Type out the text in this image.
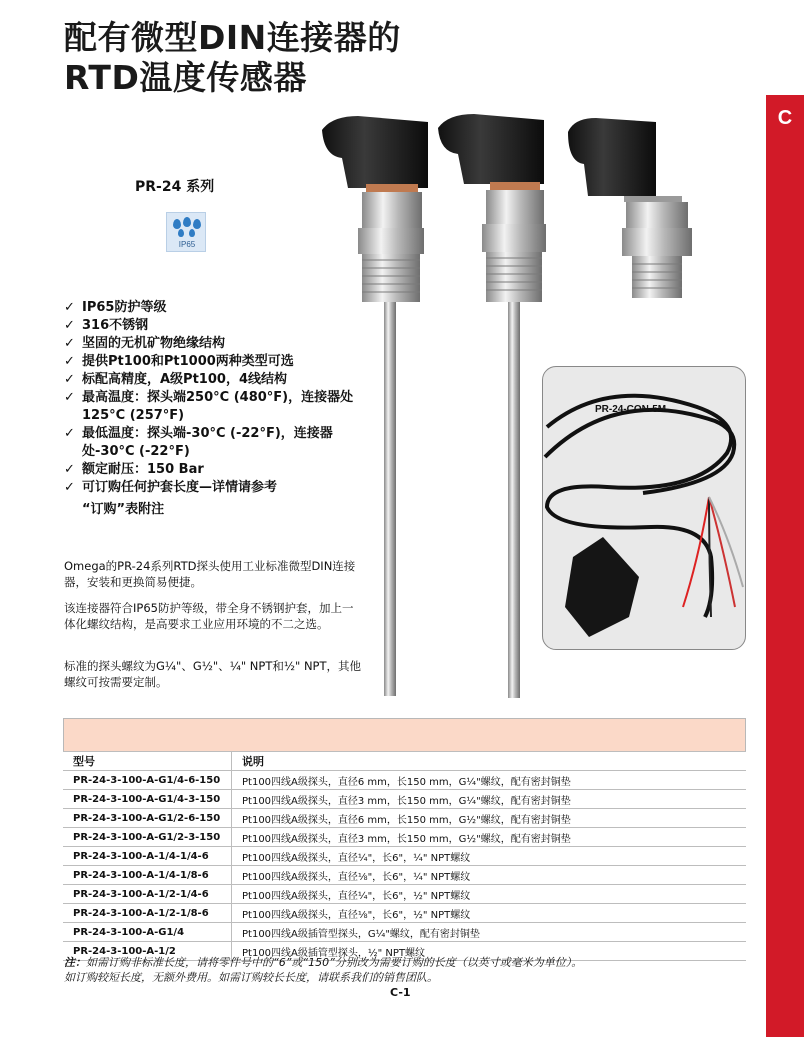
配有微型DIN连接器的
RTD温度传感器
C
PR-24 系列
IP65
PR-24-CON-5M
✓ IP65防护等级
✓ 316不锈钢
✓ 坚固的无机矿物绝缘结构
✓ 提供Pt100和Pt1000两种类型可选
✓ 标配高精度，A级Pt100，4线结构
✓ 最高温度：探头端250°C (480°F)，连接器处125°C (257°F)
✓ 最低温度：探头端-30°C (-22°F)，连接器处-30°C (-22°F)
✓ 额定耐压：150 Bar
✓ 可订购任何护套长度—详情请参考
“订购”表附注
Omega的PR-24系列RTD探头使用工业标准微型DIN连接器，安装和更换简易便捷。
该连接器符合IP65防护等级，带全身不锈钢护套，加上一体化螺纹结构，是高要求工业应用环境的不二之选。
标准的探头螺纹为G¼"、G½"、¼" NPT和½" NPT，其他螺纹可按需要定制。
型号	说明
PR-24-3-100-A-G1/4-6-150	Pt100四线A级探头，直径6 mm，长150 mm，G¼"螺纹，配有密封铜垫
PR-24-3-100-A-G1/4-3-150	Pt100四线A级探头，直径3 mm，长150 mm，G¼"螺纹，配有密封铜垫
PR-24-3-100-A-G1/2-6-150	Pt100四线A级探头，直径6 mm，长150 mm，G½"螺纹，配有密封铜垫
PR-24-3-100-A-G1/2-3-150	Pt100四线A级探头，直径3 mm，长150 mm，G½"螺纹，配有密封铜垫
PR-24-3-100-A-1/4-1/4-6	Pt100四线A级探头，直径¼"，长6"，¼" NPT螺纹
PR-24-3-100-A-1/4-1/8-6	Pt100四线A级探头，直径⅛"，长6"，¼" NPT螺纹
PR-24-3-100-A-1/2-1/4-6	Pt100四线A级探头，直径¼"，长6"，½" NPT螺纹
PR-24-3-100-A-1/2-1/8-6	Pt100四线A级探头，直径⅛"，长6"，½" NPT螺纹
PR-24-3-100-A-G1/4	Pt100四线A级插管型探头，G¼"螺纹，配有密封铜垫
PR-24-3-100-A-1/2	Pt100四线A级插管型探头，½" NPT螺纹
注：如需订购非标准长度，请将零件号中的“6”或“150”分别改为需要订购的长度（以英寸或毫米为单位）。
如订购较短长度，无额外费用。如需订购较长长度，请联系我们的销售团队。
C-1
